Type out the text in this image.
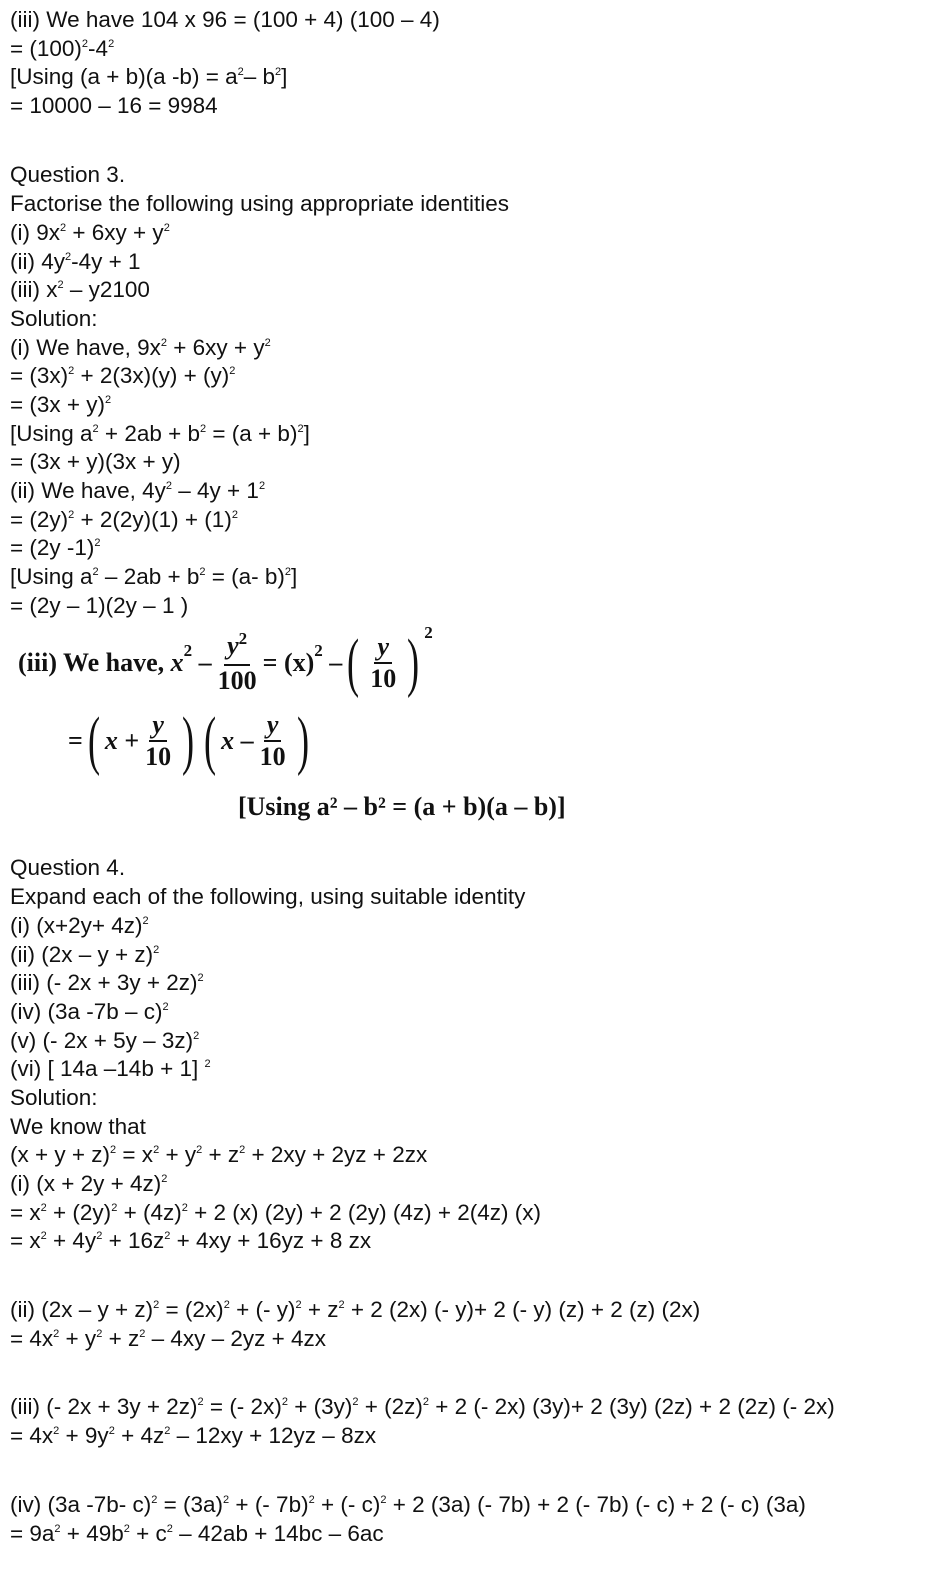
(iii) We have 104 x 96 = (100 + 4) (100 – 4)
= $(100)^2-4^2$
[Using (a + b)(a $-b) = a^2-$ $b^2$]
= 10000 – 16 = 9984
Question 3.
Factorise the following using appropriate identities
(i) $9x^2 + 6xy + y^2$
(ii) $4y^2-4y + 1$
(iii) $x^2 - y2100$
Solution:
(i) We have, $9x^2 + 6xy + y^2$
= $(3x)^2 + 2(3x)(y) + (y)^2$
= $(3x + y)^2$
[Using $a^2 + 2ab + b^2 = (a + b)^2$]
= (3x + y)(3x + y)
(ii) We have, $4y^2 - 4y + 1^2$
= $(2y)^2 + 2(2y)(1) + (1)^2$
= (2y -1)$^2$
[Using $a^2 - 2ab + b^2 = (a-$ b)$^2$]
= (2y – 1)(2y – 1 )
(iii) We have,
x 2
– $\frac{y^2}{100}$ =
(x) 2
– ( $\frac{y}{10}$ ) 2
= ( x
+ $\frac{y}{10}$ ) ( x
– $\frac{y}{10}$ )
[Using a² – b² = (a + b)(a – b)]
Question 4.
Expand each of the following, using suitable identity
(i) $(x+2y+ 4z)^2$
(ii) $(2x - y + z)^2$
(iii) (- 2x + 3y + 2z)$^2$
(iv) (3a -7b – c)$^2$
(v) (- 2x + 5y – 3z)$^2$
(vi) [ 14a –14b + 1] $^2$
Solution:
We know that
$(x + y + z)^2 = x^2 + y^2 + z^2 + 2xy + 2yz + 2zx$
(i) $(x + 2y + 4z)^2$
= $x^2 + (2y)^2 + (4z)^2 + 2$ (x) (2y) + 2 (2y) (4z) + 2(4z) (x)
= $x^2 + 4y^2 + 16z^2 + 4xy + 16yz + 8$ zx
(ii) $(2x - y + z)^2 = (2x)^2$ + (- $y)^2 + z^2 + 2$ (2x) (- y)+ 2 (- y) (z) + 2 (z) (2x)
= $4x^2 + y^2 + z^2 - 4xy - 2yz + 4zx$
(iii) (- 2x + 3y + 2z)$^2$ = (- $2x)^2 + (3y)^2 + (2z)^2 + 2$ (- 2x) (3y)+ 2 (3y) (2z) + 2 (2z) (- 2x)
= $4x^2 + 9y^2 + 4z^2 - 12xy + 12yz - 8zx$
(iv) (3a -7b- $c)^2 = (3a)^2$ + (- 7b)$^2$ + (- c)$^2$ + 2 (3a) (- 7b) + 2 (- 7b) (- c) + 2 (- c) (3a)
= $9a^2 + 49b^2 + c^2 - 42ab + 14bc - 6ac$
